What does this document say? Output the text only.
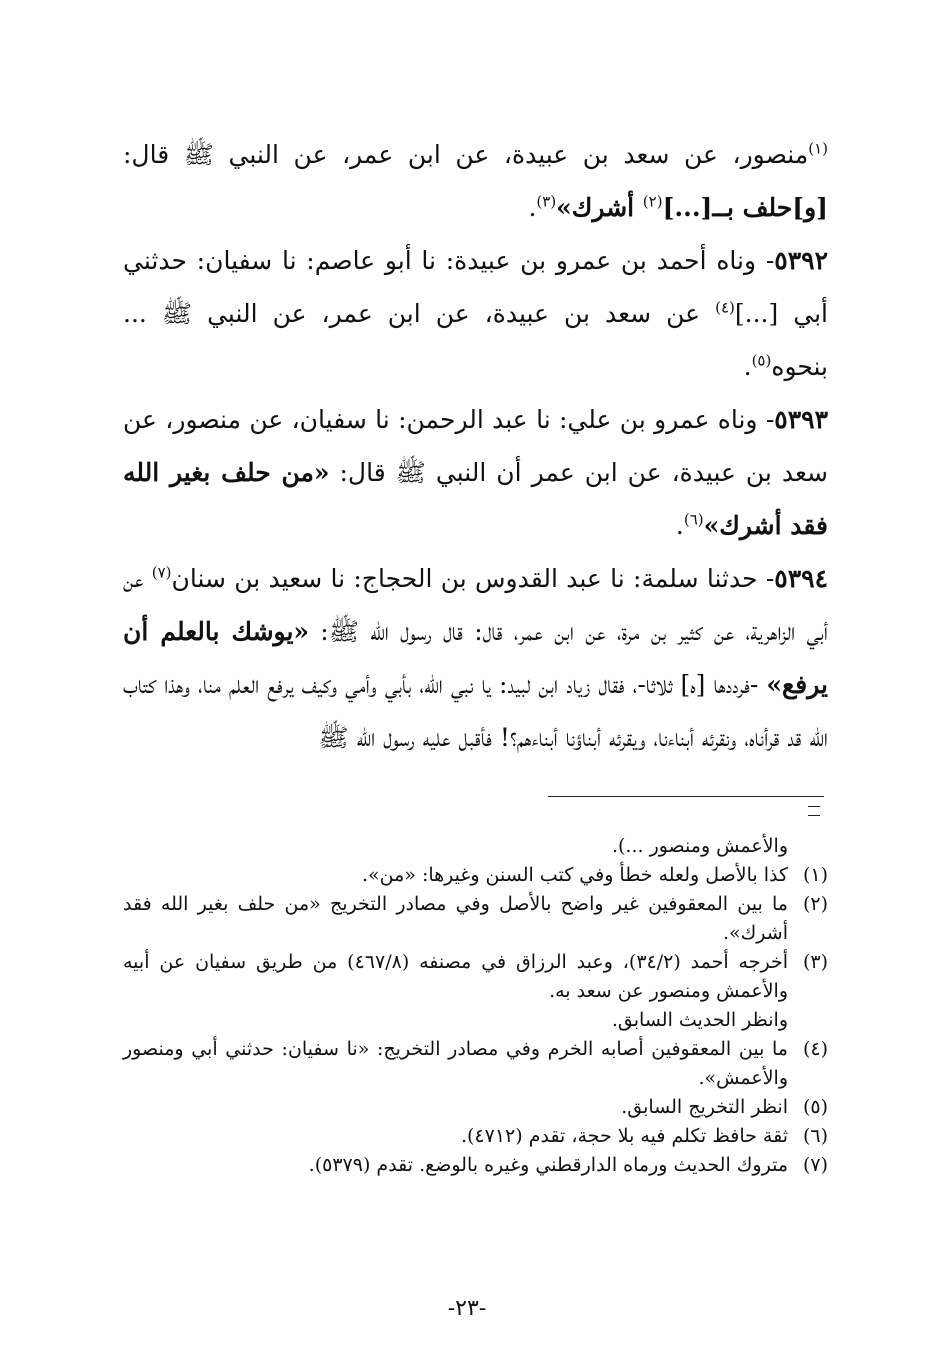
$^{(١)}$منصور، عن سعد بن عبيدة، عن ابن عمر، عن النبي ﷺ قال:[و]حلف بــ[...]$^{(٢)}$ أشرك»$^{(٣)}$.

٥٣٩٢- وناه أحمد بن عمرو بن عبيدة: نا أبو عاصم: نا سفيان: حدثني أبي [...]$^{(٤)}$ عن سعد بن عبيدة، عن ابن عمر، عن النبي ﷺ ... بنحوه$^{(٥)}$.

٥٣٩٣- وناه عمرو بن علي: نا عبد الرحمن: نا سفيان، عن منصور، عن سعد بن عبيدة، عن ابن عمر أن النبي ﷺ قال: «من حلف بغير الله فقد أشرك»$^{(٦)}$.

٥٣٩٤- حدثنا سلمة: نا عبد القدوس بن الحجاج: نا سعيد بن سنان$^{(٧)}$ عن أبي الزاهرية، عن كثير بن مرة، عن ابن عمر، قال: قال رسول الله ﷺ: «يوشك بالعلم أن يرفع» -فرددها [ه] ثلاثا-، فقال زياد ابن لبيد: يا نبي الله، بأبي وأمي وكيف يرفع العلم منا، وهذا كتاب الله قد قرأناه، ونقرئه أبناءنا، ويقرئه أبناؤنا أبناءهم؟! فأقبل عليه رسول الله ﷺ

والأعمش ومنصور ...).
(١)
كذا بالأصل ولعله خطأ وفي كتب السنن وغيرها: «من».
(٢)
ما بين المعقوفين غير واضح بالأصل وفي مصادر التخريج «من حلف بغير الله فقد أشرك».
(٣)
أخرجه أحمد (٣٤/٢)، وعبد الرزاق في مصنفه (٤٦٧/٨) من طريق سفيان عن أبيه والأعمش ومنصور عن سعد به.
وانظر الحديث السابق.
(٤)
ما بين المعقوفين أصابه الخرم وفي مصادر التخريج: «نا سفيان: حدثني أبي ومنصور والأعمش».
(٥)
انظر التخريج السابق.
(٦)
ثقة حافظ تكلم فيه بلا حجة، تقدم (٤٧١٢).
(٧)
متروك الحديث ورماه الدارقطني وغيره بالوضع. تقدم (٥٣٧٩).
-٢٣-
